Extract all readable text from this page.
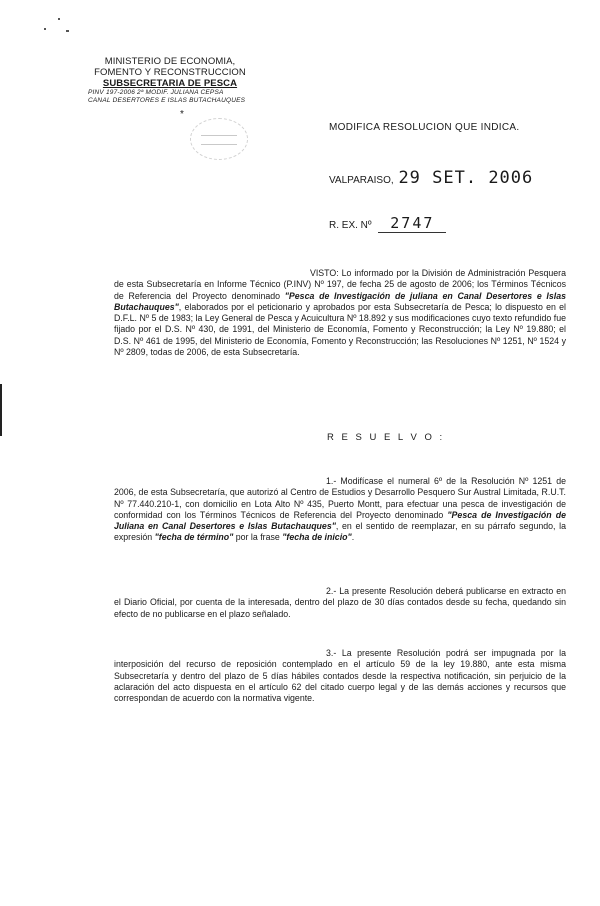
MINISTERIO DE ECONOMIA,
FOMENTO Y RECONSTRUCCION
SUBSECRETARIA DE PESCA
PINV 197-2006 2ª MODIF. JULIANA CEPSA
CANAL DESERTORES E ISLAS BUTACHAUQUES
*
MODIFICA RESOLUCION QUE INDICA.
VALPARAISO, 29 SET. 2006
R. EX. Nº 2747
VISTO: Lo informado por la División de Administración Pesquera de esta Subsecretaría en Informe Técnico (P.INV) Nº 197, de fecha 25 de agosto de 2006; los Términos Técnicos de Referencia del Proyecto denominado "Pesca de Investigación de juliana en Canal Desertores e Islas Butachauques", elaborados por el peticionario y aprobados por esta Subsecretaría de Pesca; lo dispuesto en el D.F.L. Nº 5 de 1983; la Ley General de Pesca y Acuicultura Nº 18.892 y sus modificaciones cuyo texto refundido fue fijado por el D.S. Nº 430, de 1991, del Ministerio de Economía, Fomento y Reconstrucción; la Ley Nº 19.880; el D.S. Nº 461 de 1995, del Ministerio de Economía, Fomento y Reconstrucción; las Resoluciones Nº 1251, Nº 1524 y Nº 2809, todas de 2006, de esta Subsecretaría.
R E S U E L V O :
1.- Modifícase el numeral 6º de la Resolución Nº 1251 de 2006, de esta Subsecretaría, que autorizó al Centro de Estudios y Desarrollo Pesquero Sur Austral Limitada, R.U.T. Nº 77.440.210-1, con domicilio en Lota Alto Nº 435, Puerto Montt, para efectuar una pesca de investigación de conformidad con los Términos Técnicos de Referencia del Proyecto denominado "Pesca de Investigación de Juliana en Canal Desertores e Islas Butachauques", en el sentido de reemplazar, en su párrafo segundo, la expresión "fecha de término" por la frase "fecha de inicio".
2.- La presente Resolución deberá publicarse en extracto en el Diario Oficial, por cuenta de la interesada, dentro del plazo de 30 días contados desde su fecha, quedando sin efecto de no publicarse en el plazo señalado.
3.- La presente Resolución podrá ser impugnada por la interposición del recurso de reposición contemplado en el artículo 59 de la ley 19.880, ante esta misma Subsecretaría y dentro del plazo de 5 días hábiles contados desde la respectiva notificación, sin perjuicio de la aclaración del acto dispuesta en el artículo 62 del citado cuerpo legal y de las demás acciones y recursos que correspondan de acuerdo con la normativa vigente.
